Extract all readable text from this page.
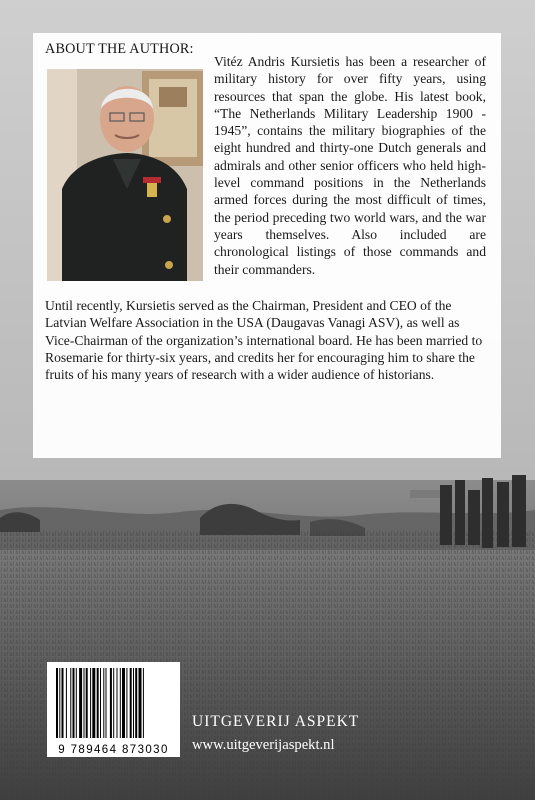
ABOUT THE AUTHOR:

Vitéz Andris Kursietis has been a researcher of military history for over fifty years, using resources that span the globe. His latest book, “The Netherlands Military Leadership 1900 - 1945”, contains the military biographies of the eight hundred and thirty-one Dutch generals and admirals and other senior officers who held high-level command positions in the Netherlands armed forces during the most difficult of times, the period preceding two world wars, and the war years themselves. Also included are chronological listings of those commands and their commanders.

Until recently, Kursietis served as the Chairman, President and CEO of the Latvian Welfare Association in the USA (Daugavas Vanagi ASV), as well as Vice-Chairman of the organization’s international board. He has been married to Rosemarie for thirty-six years, and credits her for encouraging him to share the fruits of his many years of research with a wider audience of historians.

9 789464 873030
UITGEVERIJ ASPEKT
www.uitgeverijaspekt.nl
